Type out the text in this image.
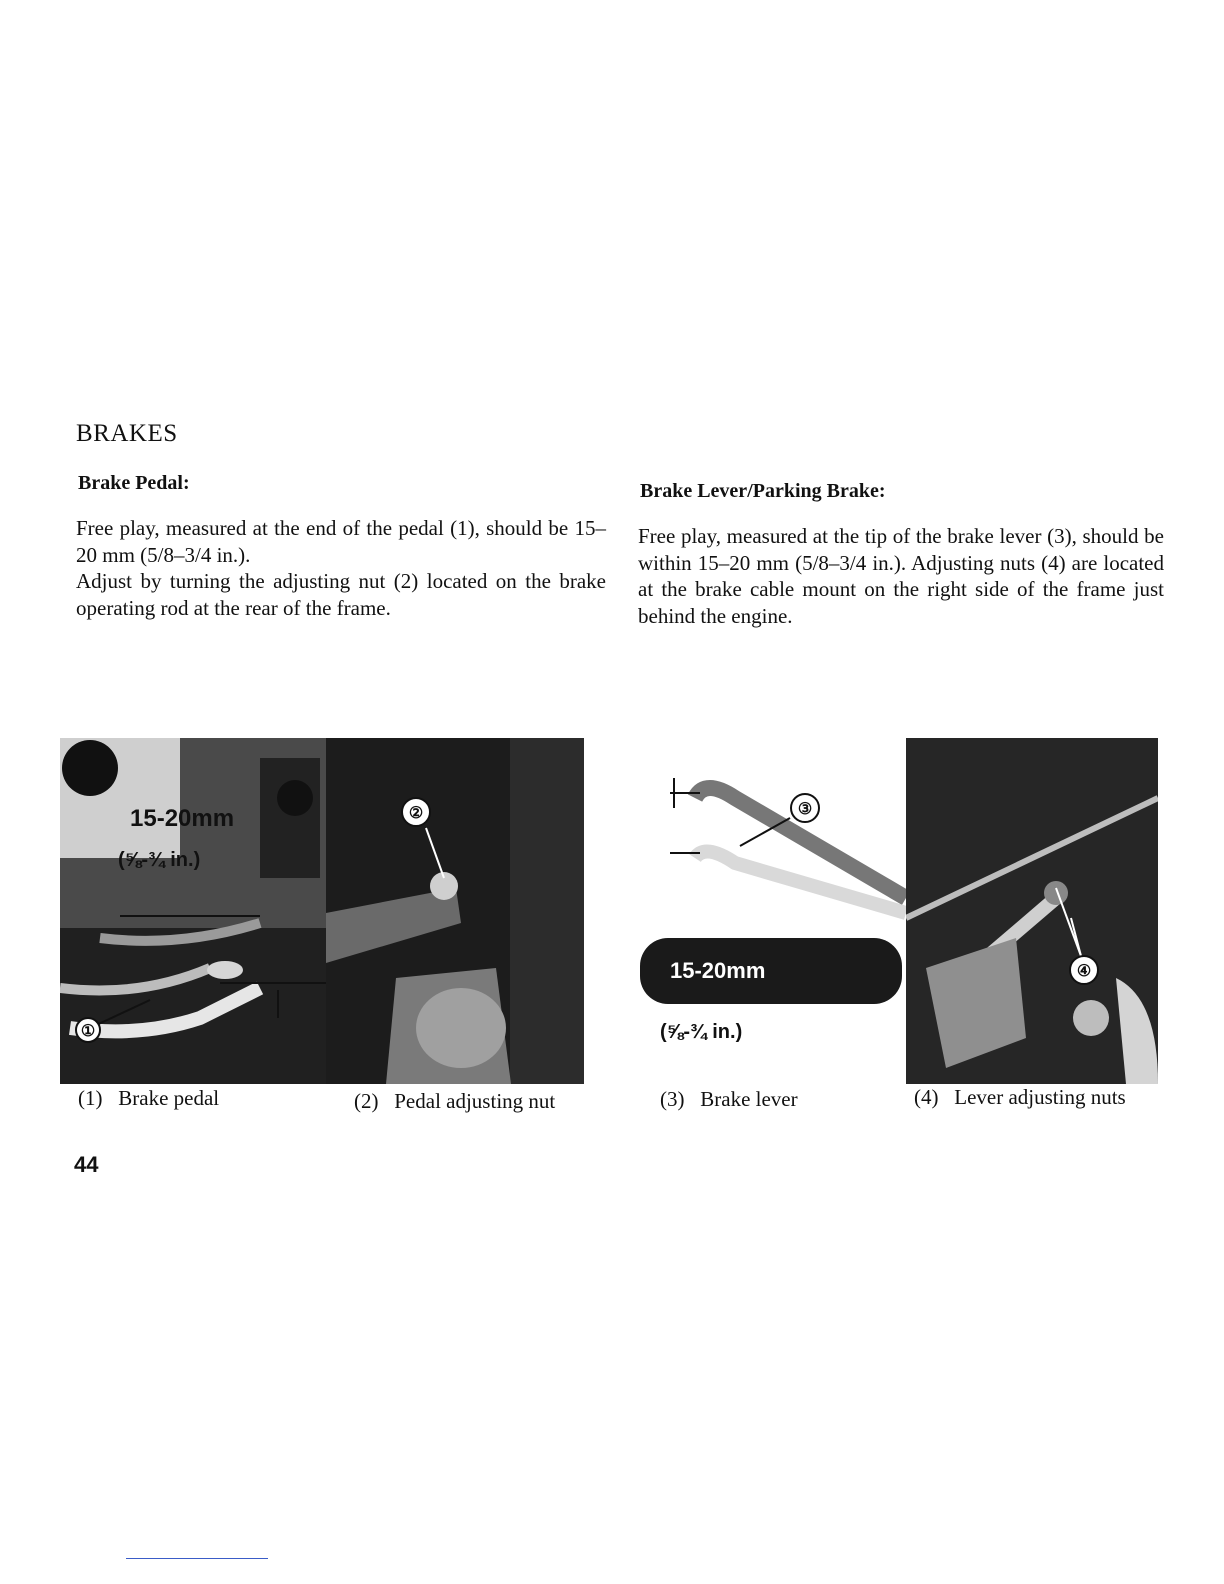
BRAKES
Brake Pedal:

Free play, measured at the end of the pedal (1), should be 15–20 mm (5/8–3/4 in.).

Adjust by turning the adjusting nut (2) located on the brake operating rod at the rear of the frame.

Brake Lever/Parking Brake:

Free play, measured at the tip of the brake lever (3), should be within 15–20 mm (5/8–3/4 in.). Adjusting nuts (4) are located at the brake cable mount on the right side of the frame just behind the engine.

①
15-20mm
(⅝-¾ in.)
②	③
15-20mm
(⅝-¾ in.)
④
(1) Brake pedal	(2) Pedal adjusting nut	(3) Brake lever	(4) Lever adjusting nuts
44
